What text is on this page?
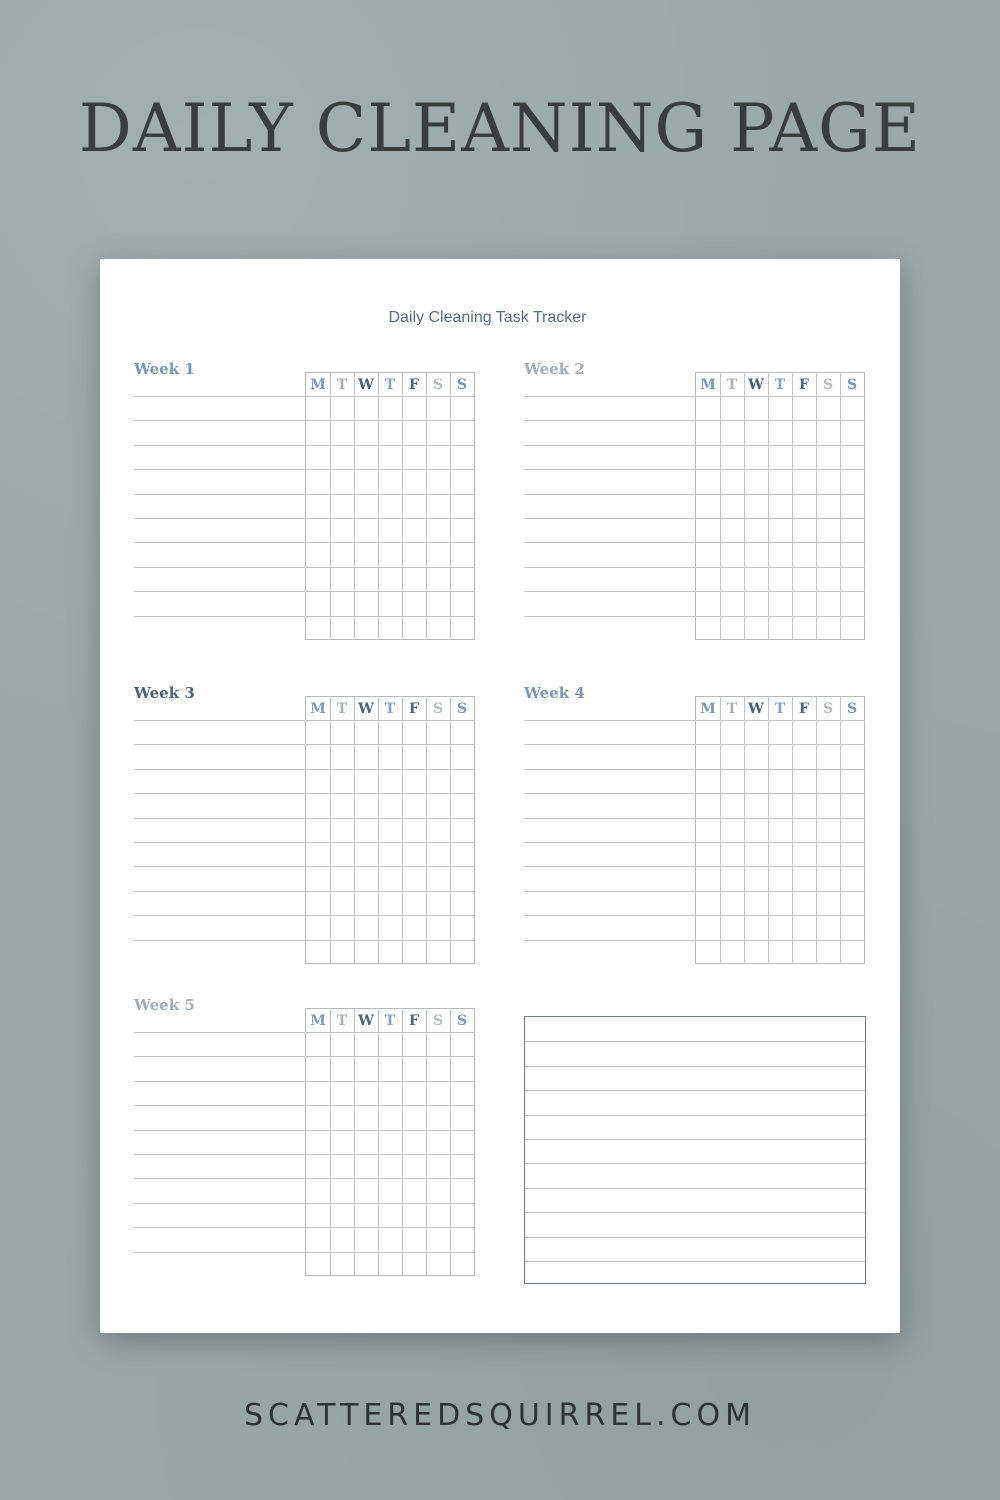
DAILY CLEANING PAGE
Daily Cleaning Task Tracker
Week 1
M T W T F S S
Week 2
M T W T F S S
Week 3
M T W T F S S
Week 4
M T W T F S S
Week 5
M T W T F S S
SCATTEREDSQUIRREL.COM
